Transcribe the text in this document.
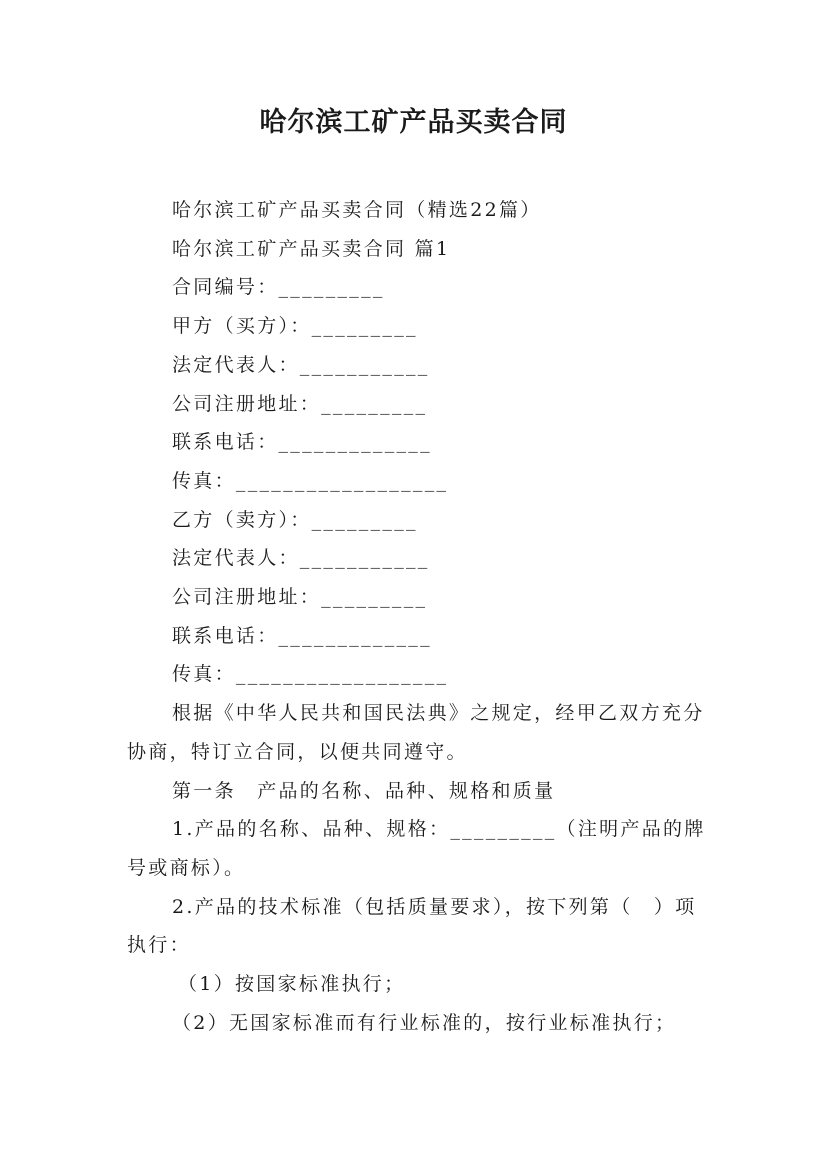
哈尔滨工矿产品买卖合同

哈尔滨工矿产品买卖合同（精选22篇）

哈尔滨工矿产品买卖合同 篇1

合同编号：_________

甲方（买方）：_________

法定代表人：___________

公司注册地址：_________

联系电话：_____________

传真：__________________

乙方（卖方）：_________

法定代表人：___________

公司注册地址：_________

联系电话：_____________

传真：__________________

根据《中华人民共和国民法典》之规定，经甲乙双方充分协商，特订立合同，以便共同遵守。

第一条　产品的名称、品种、规格和质量

1.产品的名称、品种、规格：_________（注明产品的牌号或商标）。

2.产品的技术标准（包括质量要求），按下列第（　）项执行：

（1）按国家标准执行；

（2）无国家标准而有行业标准的，按行业标准执行；
